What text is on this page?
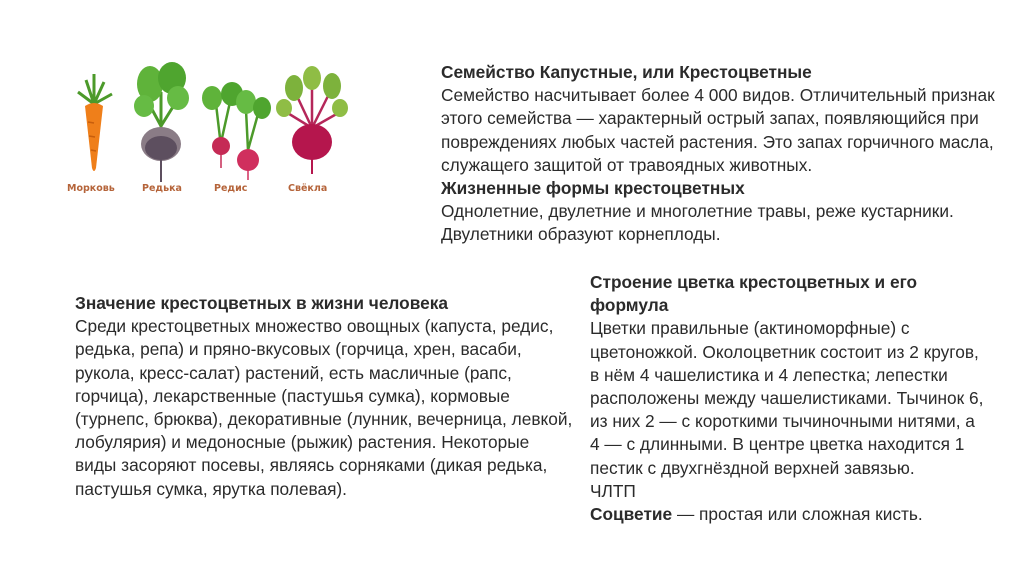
Морковь	Редька	Редис	Свёкла
Семейство Капустные, или Крестоцветные
Семейство насчитывает более 4 000 видов. Отличительный признак этого семейства — характерный острый запах, появляющийся при повреждениях любых частей растения. Это запах горчичного масла, служащего защитой от травоядных животных.
Жизненные формы крестоцветных
Однолетние, двулетние и многолетние травы, реже кустарники. Двулетники образуют корнеплоды.
Значение крестоцветных в жизни человека
Среди крестоцветных множество овощных (капуста, редис, редька, репа) и пряно-вкусовых (горчица, хрен, васаби, рукола, кресс-салат) растений, есть масличные (рапс, горчица), лекарственные (пастушья сумка), кормовые (турнепс, брюква), декоративные (лунник, вечерница, левкой, лобулярия) и медоносные (рыжик) растения. Некоторые виды засоряют посевы, являясь сорняками (дикая редька, пастушья сумка, ярутка полевая).
Строение цветка крестоцветных и его формула
Цветки правильные (актиноморфные) с цветоножкой. Околоцветник состоит из 2 кругов, в нём 4 чашелистика и 4 лепестка; лепестки расположены между чашелистиками. Тычинок 6, из них 2 — с короткими тычиночными нитями, а 4 — с длинными. В центре цветка находится 1 пестик с двухгнёздной верхней завязью.
ЧЛТП
Соцветие — простая или сложная кисть.
